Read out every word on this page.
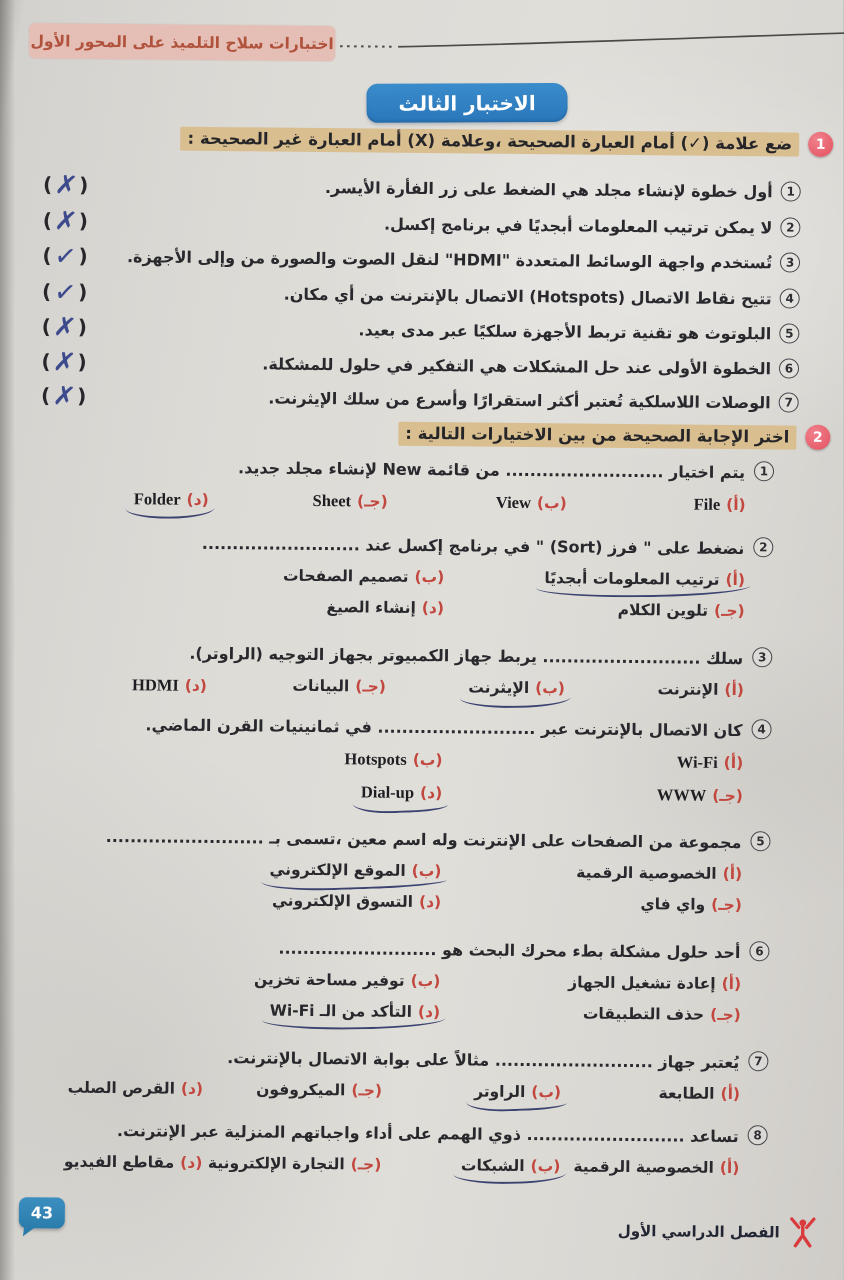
اختبارات سلاح التلميذ على المحور الأول
الاختبار الثالث
1
ضع علامة (✓) أمام العبارة الصحيحة ،وعلامة (X) أمام العبارة غير الصحيحة :
1
أول خطوة لإنشاء مجلد هي الضغط على زر الفأرة الأيسر.
( ✗ )
2
لا يمكن ترتيب المعلومات أبجديًا في برنامج إكسل.
( ✗ )
3
تُستخدم واجهة الوسائط المتعددة "HDMI" لنقل الصوت والصورة من وإلى الأجهزة.
( ✓ )
4
تتيح نقاط الاتصال (Hotspots) الاتصال بالإنترنت من أي مكان.
( ✓ )
5
البلوتوث هو تقنية تربط الأجهزة سلكيًا عبر مدى بعيد.
( ✗ )
6
الخطوة الأولى عند حل المشكلات هي التفكير في حلول للمشكلة.
( ✗ )
7
الوصلات اللاسلكية تُعتبر أكثر استقرارًا وأسرع من سلك الإيثرنت.
( ✗ )
2
اختر الإجابة الصحيحة من بين الاختيارات التالية :
1
يتم اختيار .......................... من قائمة New لإنشاء مجلد جديد.
(أ)
File
(ب)
View
(جـ)
Sheet
(د)
Folder
2
نضغط على " فرز (Sort) " في برنامج إكسل عند ..........................
(أ)
ترتيب المعلومات أبجديًا
(ب)
تصميم الصفحات
(جـ)
تلوين الكلام
(د)
إنشاء الصيغ
3
سلك .......................... يربط جهاز الكمبيوتر بجهاز التوجيه (الراوتر).
(أ)
الإنترنت
(ب)
الإيثرنت
(جـ)
البيانات
(د)
HDMI
4
كان الاتصال بالإنترنت عبر .......................... في ثمانينيات القرن الماضي.
(أ)
Wi-Fi
(ب)
Hotspots
(جـ)
WWW
(د)
Dial-up
5
مجموعة من الصفحات على الإنترنت وله اسم معين ،تسمى بـ ..........................
(أ)
الخصوصية الرقمية
(ب)
الموقع الإلكتروني
(جـ)
واي فاي
(د)
التسوق الإلكتروني
6
أحد حلول مشكلة بطء محرك البحث هو ..........................
(أ)
إعادة تشغيل الجهاز
(ب)
توفير مساحة تخزين
(جـ)
حذف التطبيقات
(د)
التأكد من الـ Wi-Fi
7
يُعتبر جهاز .......................... مثالاً على بوابة الاتصال بالإنترنت.
(أ)
الطابعة
(ب)
الراوتر
(جـ)
الميكروفون
(د)
القرص الصلب
8
تساعد .......................... ذوي الهمم على أداء واجباتهم المنزلية عبر الإنترنت.
(أ)
الخصوصية الرقمية
(ب)
الشبكات
(جـ)
التجارة الإلكترونية
(د)
مقاطع الفيديو
43
الفصل الدراسي الأول
